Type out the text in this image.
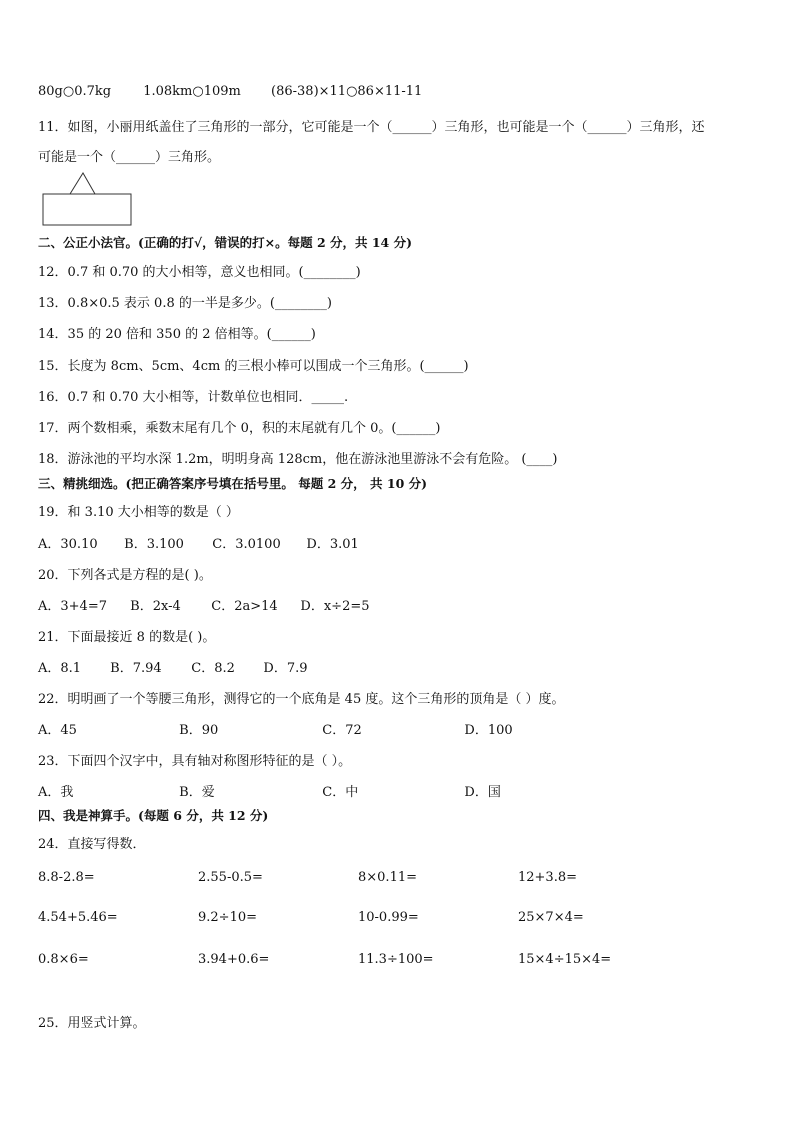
80g○0.7kg 1.08km○109m (86-38)×11○86×11-11
11．如图，小丽用纸盖住了三角形的一部分，它可能是一个（______）三角形，也可能是一个（______）三角形，还
可能是一个（______）三角形。
二、公正小法官。(正确的打√，错误的打×。每题 2 分，共 14 分)
12．0.7 和 0.70 的大小相等，意义也相同。(________)
13．0.8×0.5 表示 0.8 的一半是多少。(________)
14．35 的 20 倍和 350 的 2 倍相等。(______)
15．长度为 8cm、5cm、4cm 的三根小棒可以围成一个三角形。(______)
16．0.7 和 0.70 大小相等，计数单位也相同．_____.
17．两个数相乘，乘数末尾有几个 0，积的末尾就有几个 0。(______)
18．游泳池的平均水深 1.2m，明明身高 128cm，他在游泳池里游泳不会有危险。 (____)
三、精挑细选。(把正确答案序号填在括号里。 每题 2 分， 共 10 分)
19．和 3.10 大小相等的数是（ ）
A．30.10 B．3.100 C．3.0100 D．3.01
20．下列各式是方程的是( )。
A．3+4=7 B．2x-4 C．2a>14 D．x÷2=5
21．下面最接近 8 的数是( )。
A．8.1 B．7.94 C．8.2 D．7.9
22．明明画了一个等腰三角形，测得它的一个底角是 45 度。这个三角形的顶角是（ ）度。
A．45	B．90	C．72	D．100
23．下面四个汉字中，具有轴对称图形特征的是（ ）。
A．我	B．爱	C．中	D．国
四、我是神算手。(每题 6 分，共 12 分)
24．直接写得数．
8.8-2.8=	2.55-0.5=	8×0.11=	12+3.8=
4.54+5.46=	9.2÷10=	10-0.99=	25×7×4=
0.8×6=	3.94+0.6=	11.3÷100=	15×4÷15×4=
25．用竖式计算。
